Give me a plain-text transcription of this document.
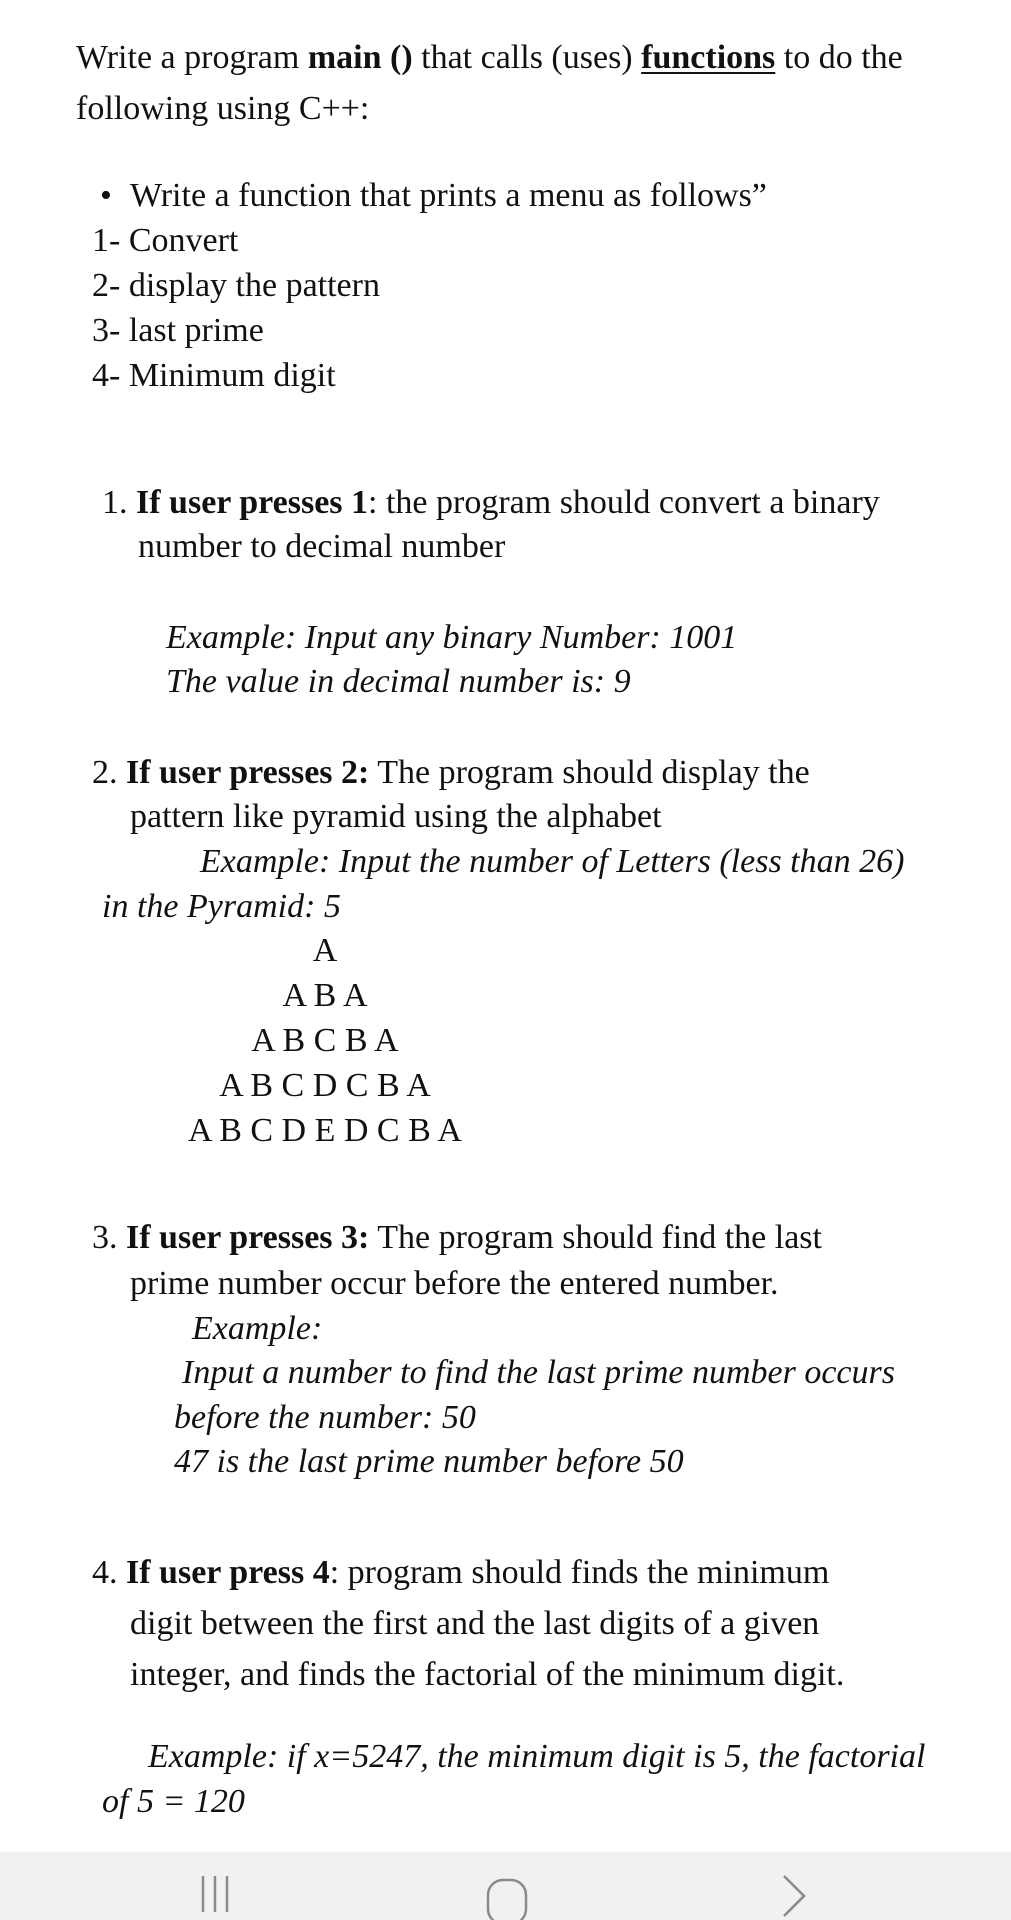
Write a program main () that calls (uses) functions to do the
following using C++:
• Write a function that prints a menu as follows”
1- Convert
2- display the pattern
3- last prime
4- Minimum digit
1. If user presses 1: the program should convert a binary
number to decimal number
Example: Input any binary Number: 1001
The value in decimal number is: 9
2. If user presses 2: The program should display the
pattern like pyramid using the alphabet
Example: Input the number of Letters (less than 26)
in the Pyramid: 5
A
A B A
A B C B A
A B C D C B A
A B C D E D C B A
3. If user presses 3: The program should find the last
prime number occur before the entered number.
Example:
Input a number to find the last prime number occurs
before the number: 50
47 is the last prime number before 50
4. If user press 4: program should finds the minimum
digit between the first and the last digits of a given
integer, and finds the factorial of the minimum digit.
Example: if x=5247, the minimum digit is 5, the factorial
of 5 = 120
